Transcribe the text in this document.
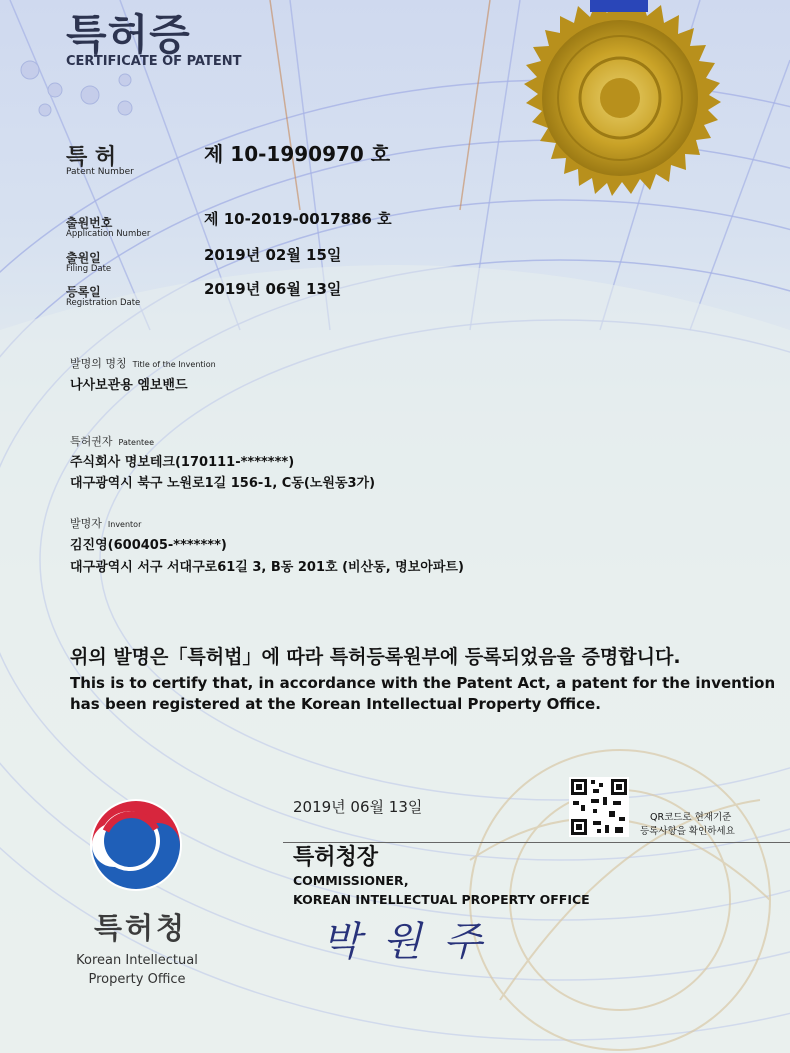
특허증
CERTIFICATE OF PATENT
특 허
Patent Number
제 10-1990970 호
출원번호
Application Number
제 10-2019-0017886 호
출원일
Filing Date
2019년 02월 15일
등록일
Registration Date
2019년 06월 13일
발명의 명칭 Title of the Invention
나사보관용 엠보밴드
특허권자 Patentee
주식회사 명보테크(170111-*******)
대구광역시 북구 노원로1길 156-1, C동(노원동3가)
발명자 Inventor
김진영(600405-*******)
대구광역시 서구 서대구로61길 3, B동 201호 (비산동, 명보아파트)
위의 발명은「특허법」에 따라 특허등록원부에 등록되었음을 증명합니다.
This is to certify that, in accordance with the Patent Act, a patent for the invention
has been registered at the Korean Intellectual Property Office.
2019년 06월 13일
QR코드로 현재기준
등록사항을 확인하세요
특허청장
COMMISSIONER,
KOREAN INTELLECTUAL PROPERTY OFFICE
박원주
특허청
Korean Intellectual
Property Office
